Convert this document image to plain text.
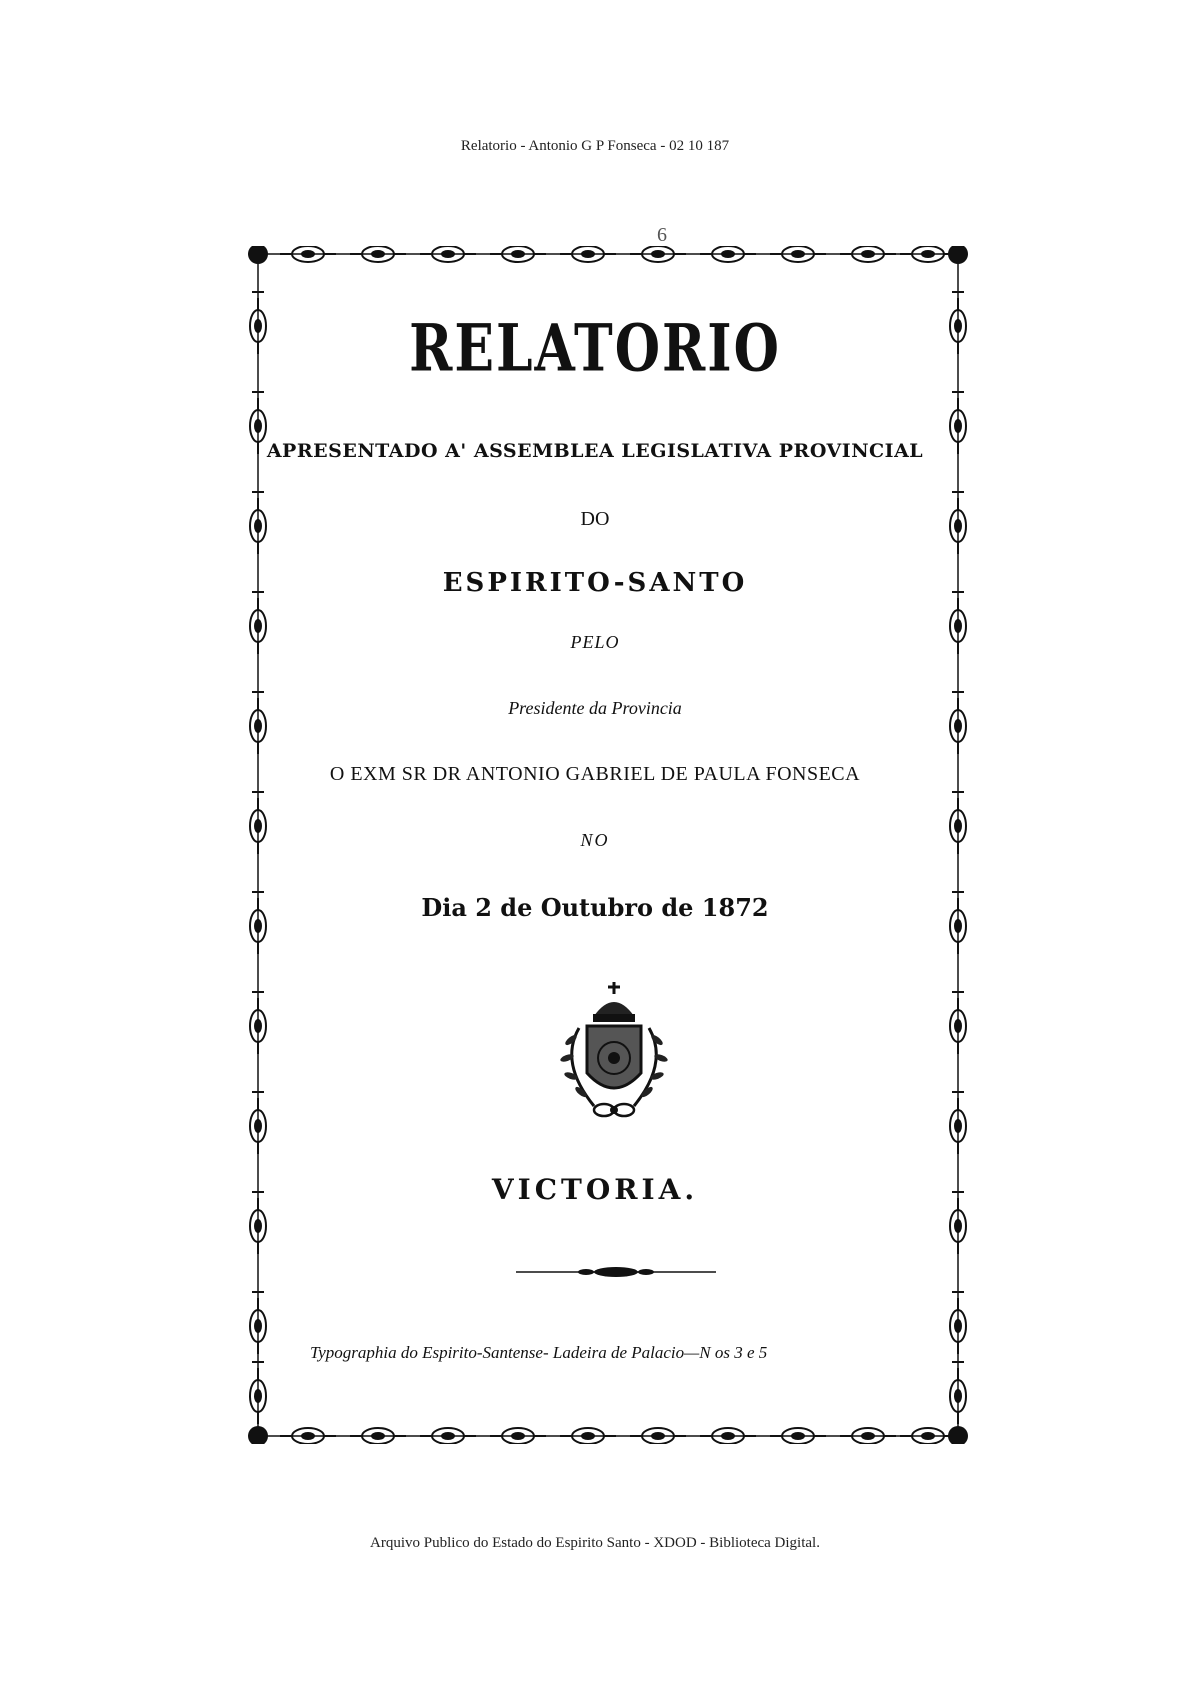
Relatorio - Antonio G P Fonseca - 02 10 187
6
RELATORIO
APRESENTADO A' ASSEMBLEA LEGISLATIVA PROVINCIAL
DO
ESPIRITO-SANTO
PELO
Presidente da Provincia
O EXM SR DR ANTONIO GABRIEL DE PAULA FONSECA
NO
Dia 2 de Outubro de 1872
VICTORIA.
Typographia do Espirito-Santense- Ladeira de Palacio—N os 3 e 5
Arquivo Publico do Estado do Espirito Santo - XDOD - Biblioteca Digital.
